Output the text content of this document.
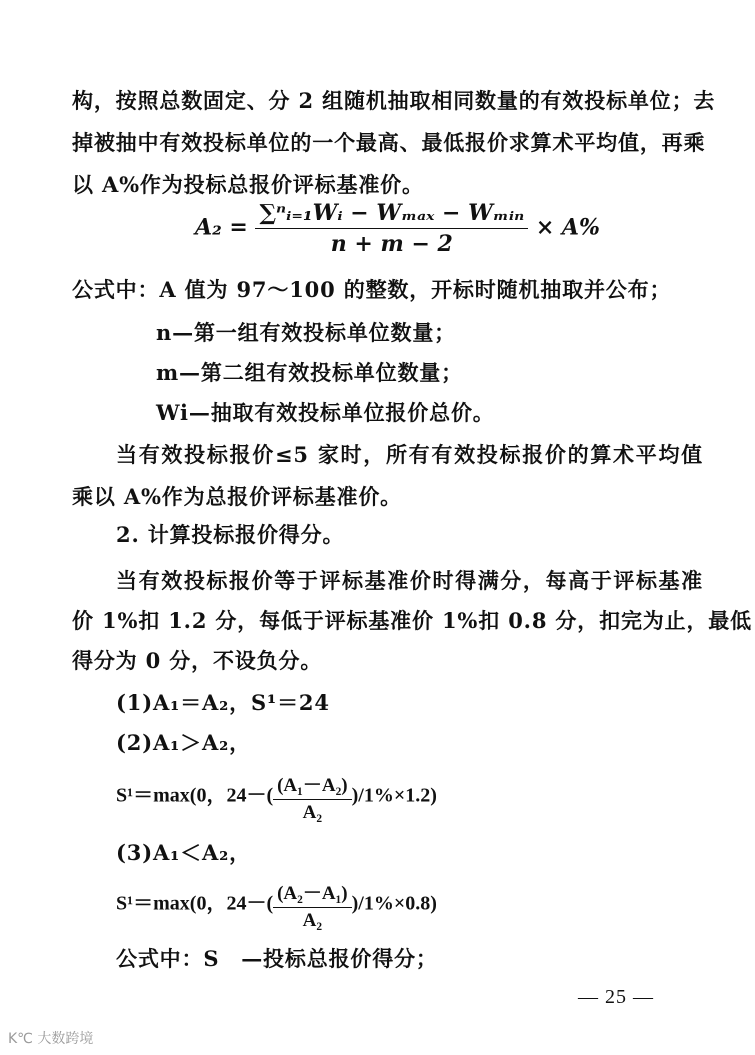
构，按照总数固定、分 2 组随机抽取相同数量的有效投标单位；去
掉被抽中有效投标单位的一个最高、最低报价求算术平均值，再乘
以 A%作为投标总报价评标基准价。
$A_2 = \frac{\text{∑ⁿᵢ₌₁Wᵢ − Wₘₐₓ − Wₘᵢₙ}}{n + m - 2} \times A\%$
公式中：A 值为 97～100 的整数，开标时随机抽取并公布；
n—第一组有效投标单位数量；
m—第二组有效投标单位数量；
Wi—抽取有效投标单位报价总价。
当有效投标报价≤5 家时，所有有效投标报价的算术平均值
乘以 A%作为总报价评标基准价。
2. 计算投标报价得分。
当有效投标报价等于评标基准价时得满分，每高于评标基准
价 1%扣 1.2 分，每低于评标基准价 1%扣 0.8 分，扣完为止，最低
得分为 0 分，不设负分。
(1)A₁＝A₂，S¹＝24
(2)A₁＞A₂，
S¹＝max(0，$24-( \frac{\text{(A₁－A₂)}}{\text{A₂}} )/1\%\times 1.2$)
(3)A₁＜A₂，
S¹＝max(0，$24-( \frac{\text{(A₂－A₁)}}{\text{A₂}} )/1\%\times 0.8$)
公式中：S　—投标总报价得分；
— 25 —
K℃ 大数跨境
